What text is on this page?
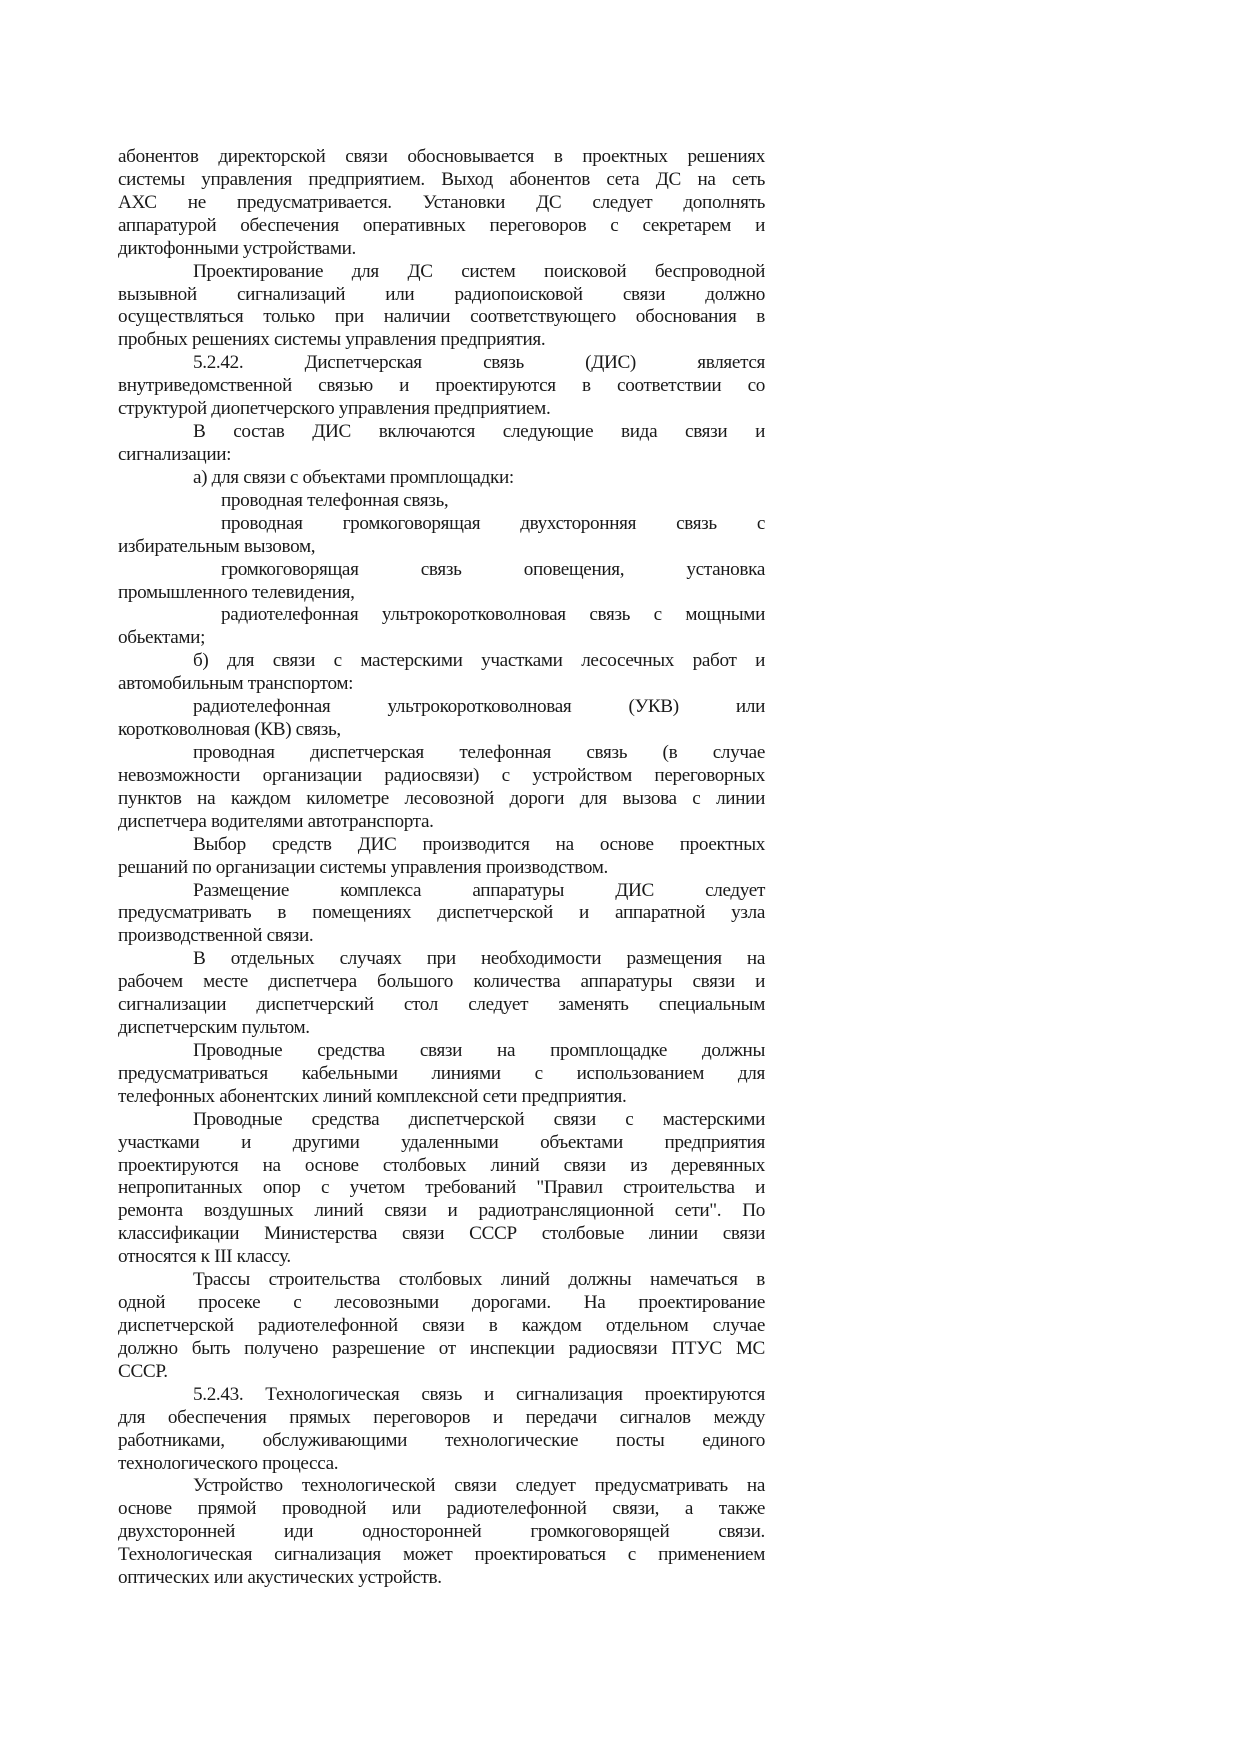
абонентов директорской связи обосновывается в проектных решениях
системы управления предприятием. Выход абонентов сета ДС на сеть
АХС не предусматривается. Установки ДС следует дополнять
аппаратурой обеспечения оперативных переговоров с секретарем и
диктофонными устройствами.
Проектирование для ДС систем поисковой беспроводной
вызывной сигнализаций или радиопоисковой связи должно
осуществляться только при наличии соответствующего обоснования в
пробных решениях системы управления предприятия.
5.2.42. Диспетчерская связь (ДИС) является
внутриведомственной связью и проектируются в соответствии со
структурой диопетчерского управления предприятием.
В состав ДИС включаются следующие вида связи и
сигнализации:
а) для связи с объектами промплощадки:
проводная телефонная связь,
проводная громкоговорящая двухсторонняя связь с
избирательным вызовом,
громкоговорящая связь оповещения, установка
промышленного телевидения,
радиотелефонная ультрокоротковолновая связь с мощными
обьектами;
б) для связи с мастерскими участками лесосечных работ и
автомобильным транспортом:
радиотелефонная ультрокоротковолновая (УКВ) или
коротковолновая (КВ) связь,
проводная диспетчерская телефонная связь (в случае
невозможности организации радиосвязи) с устройством переговорных
пунктов на каждом километре лесовозной дороги для вызова с линии
диспетчера водителями автотранспорта.
Выбор средств ДИС производится на основе проектных
решаний по организации системы управления производством.
Размещение комплекса аппаратуры ДИС следует
предусматривать в помещениях диспетчерской и аппаратной узла
производственной связи.
В отдельных случаях при необходимости размещения на
рабочем месте диспетчера большого количества аппаратуры связи и
сигнализации диспетчерский стол следует заменять специальным
диспетчерским пультом.
Проводные средства связи на промплощадке должны
предусматриваться кабельными линиями с использованием для
телефонных абонентских линий комплексной сети предприятия.
Проводные средства диспетчерской связи с мастерскими
участками и другими удаленными объектами предприятия
проектируются на основе столбовых линий связи из деревянных
непропитанных опор с учетом требований "Правил строительства и
ремонта воздушных линий связи и радиотрансляционной сети". По
классификации Министерства связи СССР столбовые линии связи
относятся к III классу.
Трассы строительства столбовых линий должны намечаться в
одной просеке с лесовозными дорогами. На проектирование
диспетчерской радиотелефонной связи в каждом отдельном случае
должно быть получено разрешение от инспекции радиосвязи ПТУС МС
СССР.
5.2.43. Технологическая связь и сигнализация проектируются
для обеспечения прямых переговоров и передачи сигналов между
работниками, обслуживающими технологические посты единого
технологического процесса.
Устройство технологической связи следует предусматривать на
основе прямой проводной или радиотелефонной связи, а также
двухсторонней иди односторонней громкоговорящей связи.
Технологическая сигнализация может проектироваться с применением
оптических или акустических устройств.
